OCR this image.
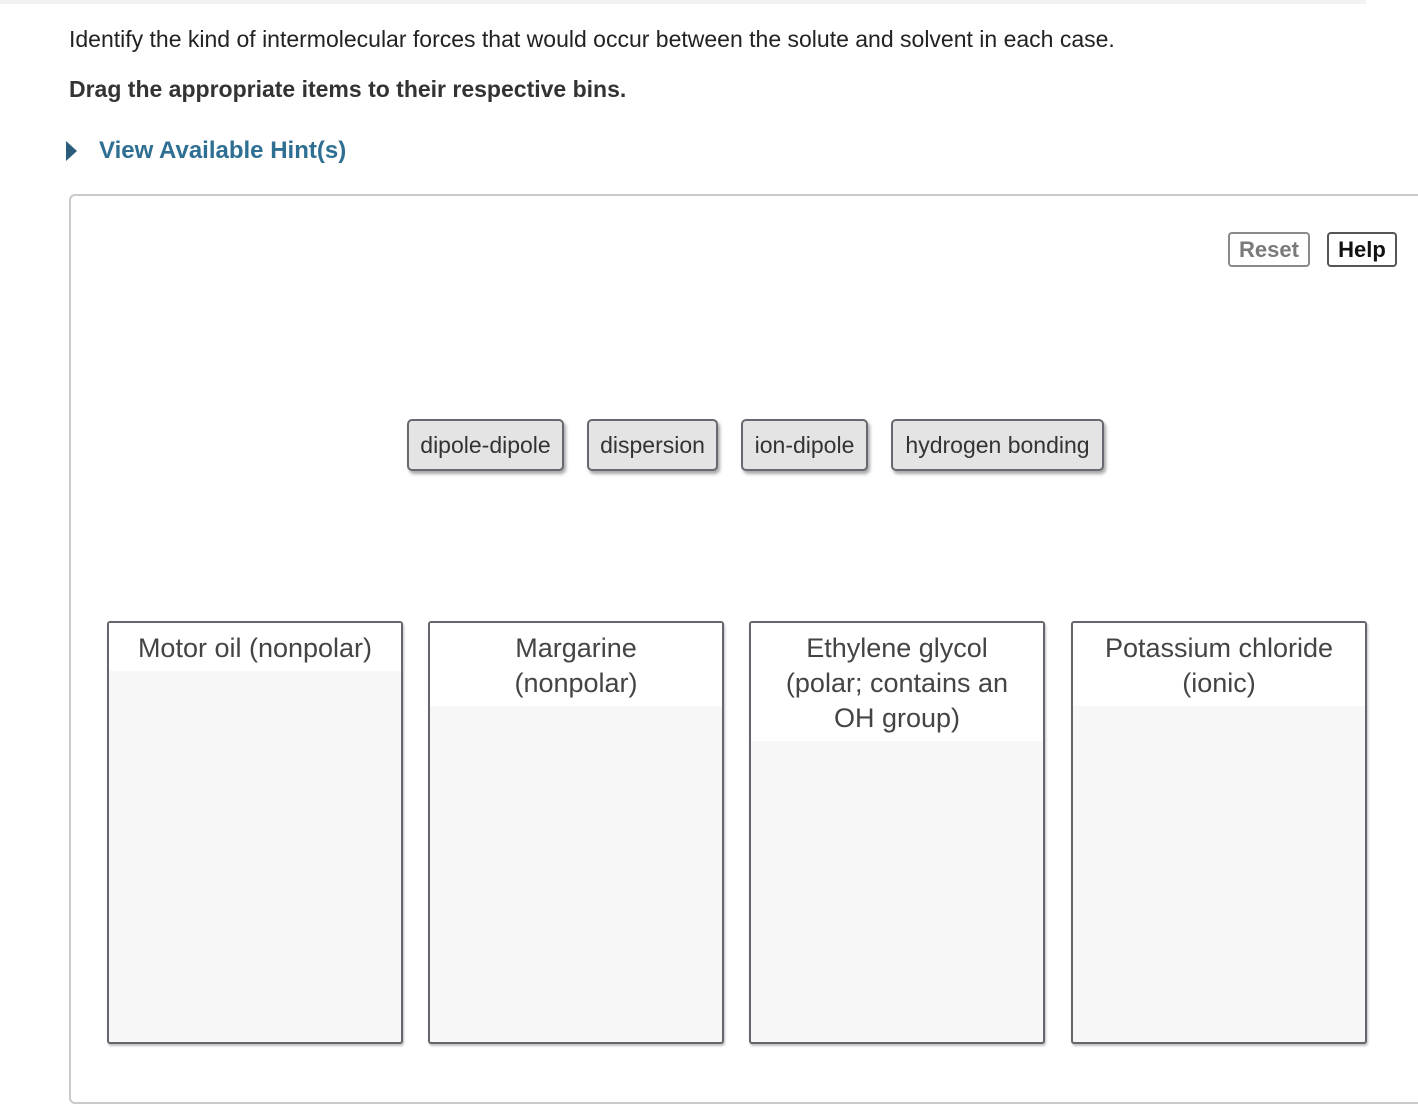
Identify the kind of intermolecular forces that would occur between the solute and solvent in each case.
Drag the appropriate items to their respective bins.
View Available Hint(s)
Reset	Help
dipole-dipole	dispersion	ion-dipole	hydrogen bonding
Motor oil (nonpolar)	Margarine (nonpolar)
Ethylene glycol (polar; contains an OH group)
Potassium chloride (ionic)
